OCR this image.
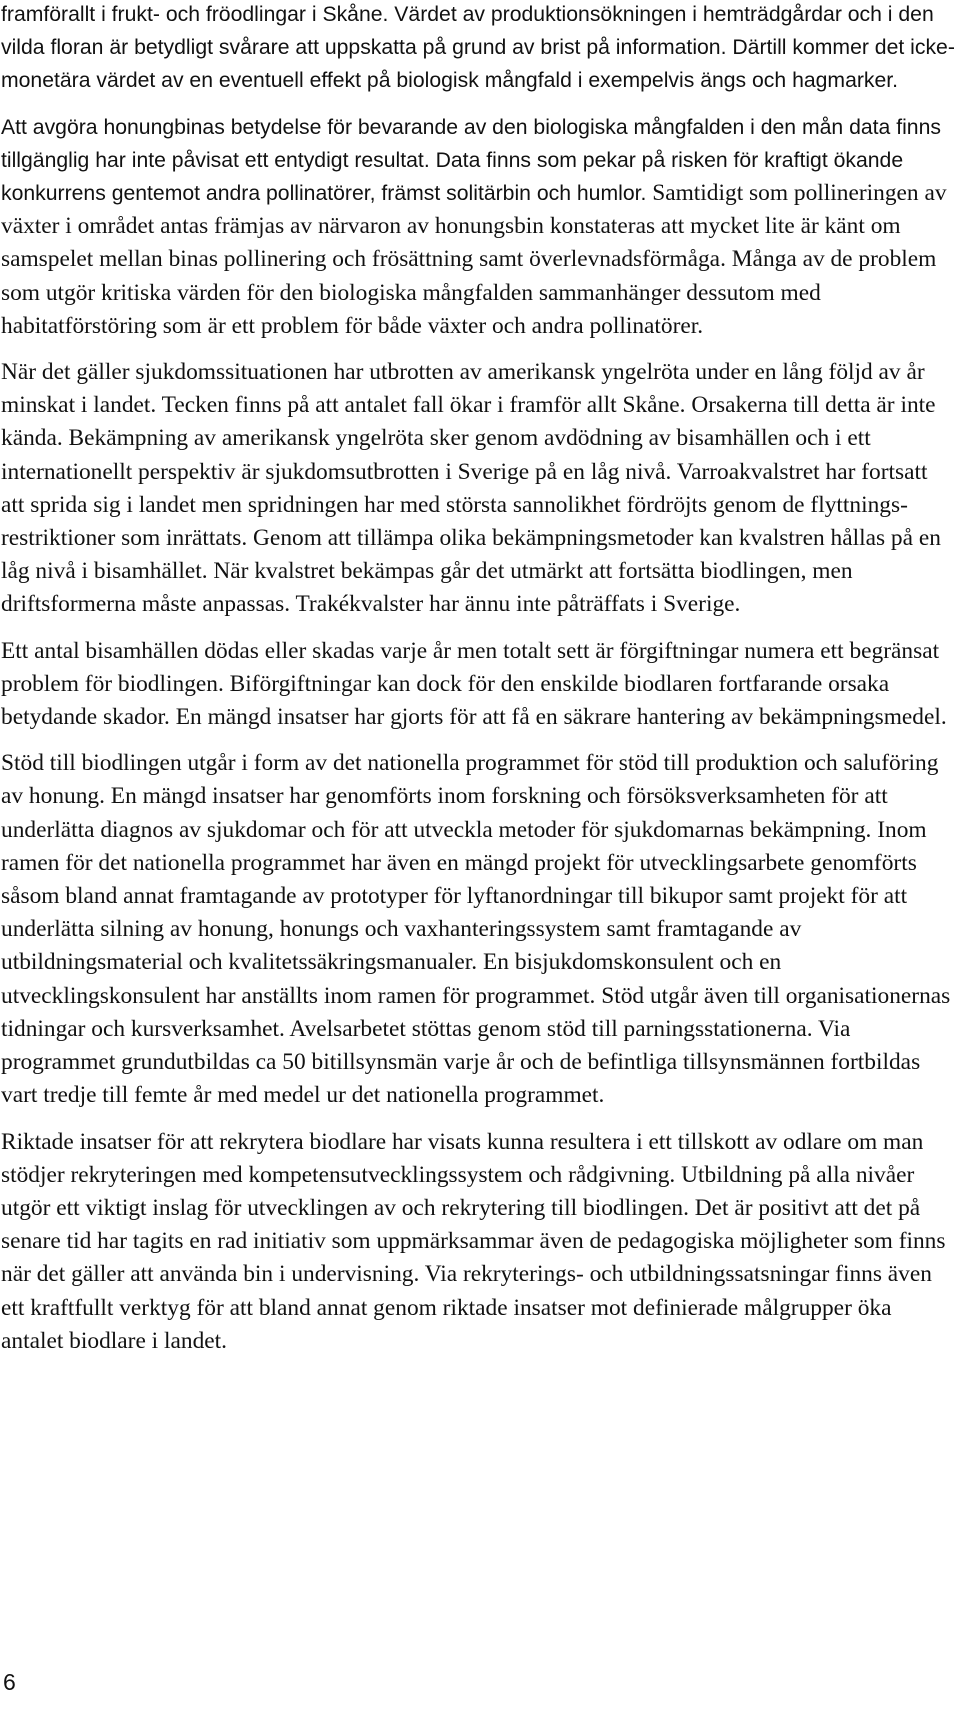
framförallt i frukt- och fröodlingar i Skåne. Värdet av produktionsökningen i hemträdgårdar och i den vilda floran är betydligt svårare att uppskatta på grund av brist på information. Därtill kommer det icke-monetära värdet av en eventuell effekt på biologisk mångfald i exempelvis ängs och hagmarker.

Att avgöra honungbinas betydelse för bevarande av den biologiska mångfalden i den mån data finns tillgänglig har inte påvisat ett entydigt resultat. Data finns som pekar på risken för kraftigt ökande konkurrens gentemot andra pollinatörer, främst solitärbin och humlor. Samtidigt som pollineringen av växter i området antas främjas av närvaron av honungsbin konstateras att mycket lite är känt om samspelet mellan binas pollinering och frösättning samt överlevnadsförmåga. Många av de problem som utgör kritiska värden för den biologiska mångfalden sammanhänger dessutom med habitatförstöring som är ett problem för både växter och andra pollinatörer.

När det gäller sjukdomssituationen har utbrotten av amerikansk yngelröta under en lång följd av år minskat i landet. Tecken finns på att antalet fall ökar i framför allt Skåne. Orsakerna till detta är inte kända. Bekämpning av amerikansk yngelröta sker genom avdödning av bisamhällen och i ett internationellt perspektiv är sjukdomsutbrotten i Sverige på en låg nivå. Varroakvalstret har fortsatt att sprida sig i landet men spridningen har med största sannolikhet fördröjts genom de flyttnings-restriktioner som inrättats. Genom att tillämpa olika bekämpningsmetoder kan kvalstren hållas på en låg nivå i bisamhället. När kvalstret bekämpas går det utmärkt att fortsätta biodlingen, men driftsformerna måste anpassas. Trakékvalster har ännu inte påträffats i Sverige.

Ett antal bisamhällen dödas eller skadas varje år men totalt sett är förgiftningar numera ett begränsat problem för biodlingen. Biförgiftningar kan dock för den enskilde biodlaren fortfarande orsaka betydande skador. En mängd insatser har gjorts för att få en säkrare hantering av bekämpningsmedel.

Stöd till biodlingen utgår i form av det nationella programmet för stöd till produktion och saluföring av honung. En mängd insatser har genomförts inom forskning och försöksverksamheten för att underlätta diagnos av sjukdomar och för att utveckla metoder för sjukdomarnas bekämpning. Inom ramen för det nationella programmet har även en mängd projekt för utvecklingsarbete genomförts såsom bland annat framtagande av prototyper för lyftanordningar till bikupor samt projekt för att underlätta silning av honung, honungs och vaxhanteringssystem samt framtagande av utbildningsmaterial och kvalitetssäkringsmanualer. En bisjukdomskonsulent och en utvecklingskonsulent har anställts inom ramen för programmet. Stöd utgår även till organisationernas tidningar och kursverksamhet. Avelsarbetet stöttas genom stöd till parningsstationerna. Via programmet grundutbildas ca 50 bitillsynsmän varje år och de befintliga tillsynsmännen fortbildas vart tredje till femte år med medel ur det nationella programmet.

Riktade insatser för att rekrytera biodlare har visats kunna resultera i ett tillskott av odlare om man stödjer rekryteringen med kompetensutvecklingssystem och rådgivning. Utbildning på alla nivåer utgör ett viktigt inslag för utvecklingen av och rekrytering till biodlingen. Det är positivt att det på senare tid har tagits en rad initiativ som uppmärksammar även de pedagogiska möjligheter som finns när det gäller att använda bin i undervisning. Via rekryterings- och utbildningssatsningar finns även ett kraftfullt verktyg för att bland annat genom riktade insatser mot definierade målgrupper öka antalet biodlare i landet.

6
